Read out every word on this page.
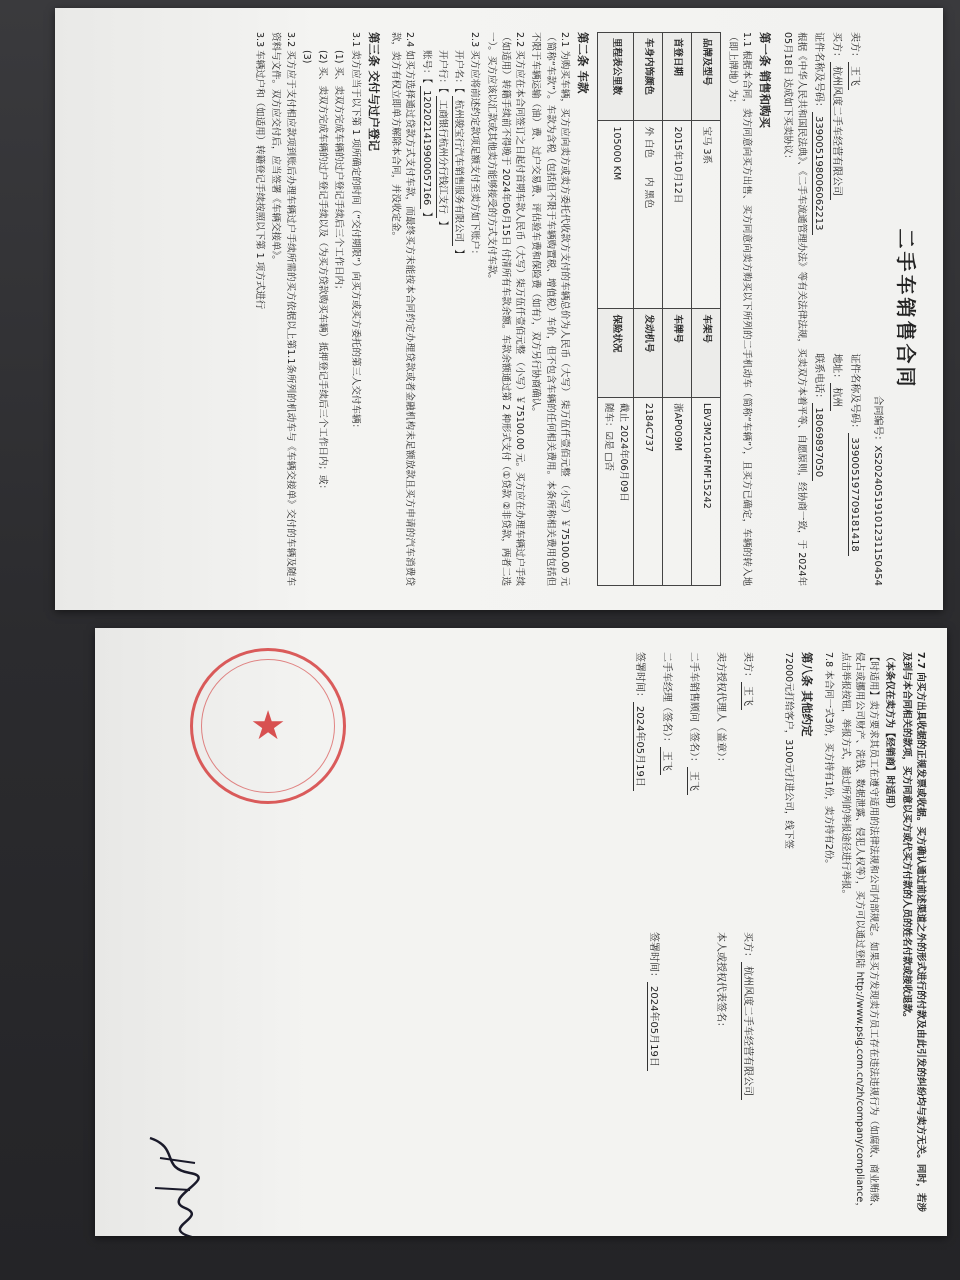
二手车销售合同
合同编号：XS20240519101231150454
卖方：王飞
证件名称及号码：339005197709181418
买方：杭州风度二手车经营有限公司
地址：杭州
证件名称及号码：339005198006062213
联系电话：18069897050
根据《中华人民共和国民法典》、《二手车流通管理办法》等有关法律法规，买卖双方本着平等、自愿原则，经协商一致，于 2024年05月18日 达成如下买卖协议：
第一条 销售和购买
1.1 根据本合同，卖方同意向买方出售、买方同意向卖方购买以下所列的二手机动车（简称“车辆”），且买方已确定，车辆的转入地（即上牌地）为：
品牌及型号	宝马 3系	车架号	LBV3M2104FMF15242
首登日期	2015年10月12日	车牌号	浙AP009M
车身内饰颜色	外 白色　　内 黑色	发动机号	2184C737
里程表公里数	105000 KM	保险状况	截止 2024年06月09日
随车：☑是 □否
第二条 车款
2.1 为购买车辆，买方应向卖方或卖方委托代收款方支付的车辆总价为人民币（大写） 柒万伍仟壹佰元整 （小写）￥75100.00 元（简称“车款”）。车款为含税（包括但不限于车辆购置税、增值税）车价，但不包含车辆的任何相关费用。本条所称相关费用包括但不限于车辆运输（油）费、过户交易费、评估验车费和保险费（如有），双方另行协商确认。
2.2 买方应在本合同签订之日起付首期车款人民币（大写）柒万伍仟壹佰元整 （小写）￥75100.00 元。买方应在办理车辆过户手续（如适用）转籍手续前不得晚于 2024年06月15日 付清所有车款余额。车款余额通过第 2 种形式支付（①贷款 ②非贷款，两者二选一）。买方应该以汇款或其他卖方能够接受的方式支付车款。
2.3 买方应将前述约定款项足额支付至卖方如下账户：
开户名：【 杭州骏宝行汽车销售服务有限公司 】
开户行：【 工商银行杭州分行钱江支行 】
账号：【 1202021419900057166 】
2.4 如买方选择通过贷款方式支付车款，而最终买方未能按本合同约定办理贷款或者金融机构未足额放款且买方申请的汽车消费贷款，卖方有权立即单方解除本合同，并没收定金。
第三条 交付与过户登记
3.1 卖方应当于以下第 1 项所确定的时间（“交付期限”）向买方或买方委托的第三人交付车辆：
(1) 买、卖双方完成车辆的过户登记手续后三个工作日内；
(2) 买、卖双方完成车辆的过户登记手续以及（为买方贷款购买车辆）抵押登记手续后三个工作日内；或：
(3)
3.2 买方应于支付相应款项到账后办理车辆过户手续所需的买方依据以上第1.1条所列的机动车与《车辆交接单》交付的车辆及随车资料与文件。双方应交付后，应当签署《车辆交接单》。
3.3 车辆过户和（如适用）转籍登记手续按照以下第 1 项方式进行
7.7 向买方出具收据的正规发票或收据。买方确认通过前述渠道之外的形式进行的付款及由此引发的纠纷均与卖方无关。同时，若涉及到与本合同相关的款项，买方同意以买方或代买方付款的人员的姓名付款或接收退款。
（本条仅在卖方为【经销商】时适用）
【时适用】卖方要求其员工在遵守适用的法律法规和公司内部规定。如果买方发现卖方员工存在违法违规行为（如腐败、商业贿赂、侵占或挪用公司财产、洗钱、数据泄露、侵犯人权等），买方可以通过登陆 http://www.psig.com.cn/zh/company/compliance，点击举报按钮，举报方式，通过所列的举报途径进行举报。
7.8 本合同一式3份，买方持有1份，卖方持有2份。
第八条 其他约定
72000元打给客户，3100元打进公司，线下签
卖方：王飞
卖方授权代理人（盖章）：
二手车销售顾问（签名）：王飞
二手车经理（签名）：王飞
签署时间：2024年05月19日
买方：杭州风度二手车经营有限公司
本人或授权代表签名：
签署时间：2024年05月19日
★
